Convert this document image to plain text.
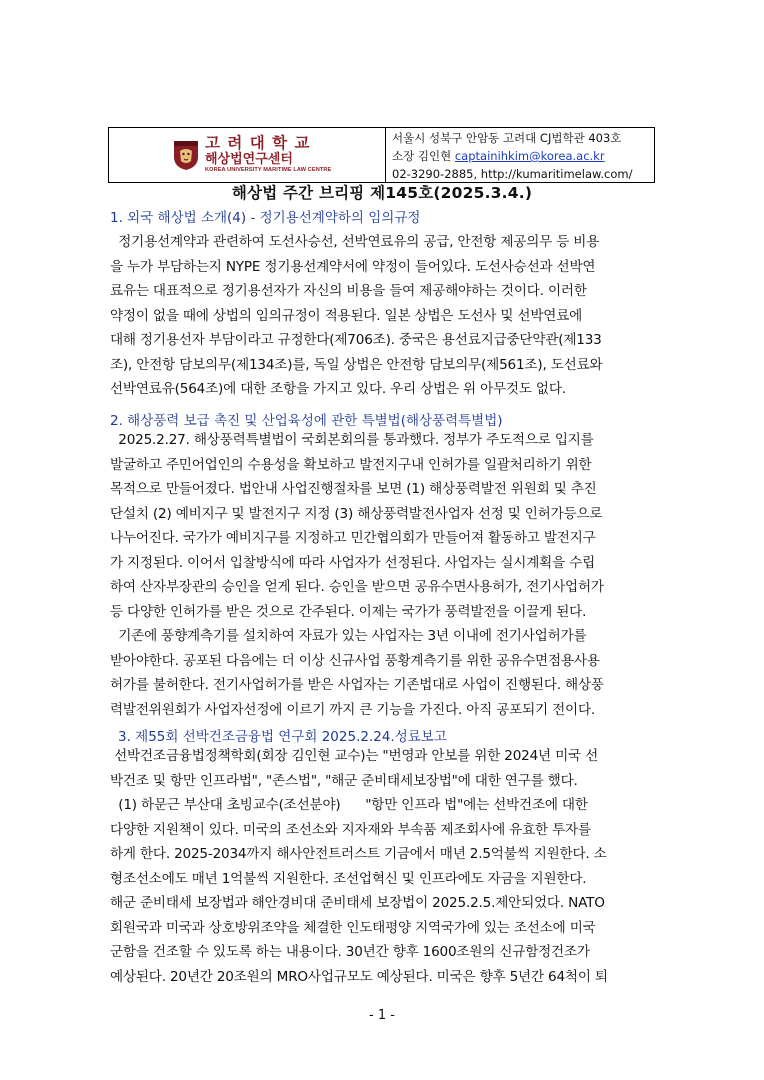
고 려 대 학 교
해상법연구센터
KOREA UNIVERSITY MARITIME LAW CENTRE
서울시 성북구 안암동 고려대 CJ법학관 403호
소장 김인현 captainihkim@korea.ac.kr
02-3290-2885, http://kumaritimelaw.com/
해상법 주간 브리핑 제145호(2025.3.4.)
1. 외국 해상법 소개(4) - 정기용선계약하의 임의규정
정기용선계약과 관련하여 도선사승선, 선박연료유의 공급, 안전항 제공의무 등 비용
을 누가 부담하는지 NYPE 정기용선계약서에 약정이 들어있다. 도선사승선과 선박연
료유는 대표적으로 정기용선자가 자신의 비용을 들여 제공해야하는 것이다. 이러한
약정이 없을 때에 상법의 임의규정이 적용된다. 일본 상법은 도선사 및 선박연료에
대해 정기용선자 부담이라고 규정한다(제706조). 중국은 용선료지급중단약관(제133
조), 안전항 담보의무(제134조)를, 독일 상법은 안전항 담보의무(제561조), 도선료와
선박연료유(564조)에 대한 조항을 가지고 있다. 우리 상법은 위 아무것도 없다.
2. 해상풍력 보급 촉진 및 산업육성에 관한 특별법(해상풍력특별법)
2025.2.27. 해상풍력특별법이 국회본회의를 통과했다. 정부가 주도적으로 입지를
발굴하고 주민어업인의 수용성을 확보하고 발전지구내 인허가를 일괄처리하기 위한
목적으로 만들어졌다. 법안내 사업진행절차를 보면 (1) 해상풍력발전 위원회 및 추진
단설치 (2) 예비지구 및 발전지구 지정 (3) 해상풍력발전사업자 선정 및 인허가등으로
나누어진다. 국가가 예비지구를 지정하고 민간협의회가 만들어져 활동하고 발전지구
가 지정된다. 이어서 입찰방식에 따라 사업자가 선정된다. 사업자는 실시계획을 수립
하여 산자부장관의 승인을 얻게 된다. 승인을 받으면 공유수면사용허가, 전기사업허가
등 다양한 인허가를 받은 것으로 간주된다. 이제는 국가가 풍력발전을 이끌게 된다.
기존에 풍향계측기를 설치하여 자료가 있는 사업자는 3년 이내에 전기사업허가를
받아야한다. 공포된 다음에는 더 이상 신규사업 풍황계측기를 위한 공유수면점용사용
허가를 불허한다. 전기사업허가를 받은 사업자는 기존법대로 사업이 진행된다. 해상풍
력발전위원회가 사업자선정에 이르기 까지 큰 기능을 가진다. 아직 공포되기 전이다.
3. 제55회 선박건조금융법 연구회 2025.2.24.성료보고
선박건조금융법정책학회(회장 김인현 교수)는 "번영과 안보를 위한 2024년 미국 선
박건조 및 항만 인프라법", "존스법", "해군 준비태세보장법"에 대한 연구를 했다.
(1) 하문근 부산대 초빙교수(조선분야)      "항만 인프라 법"에는 선박건조에 대한
다양한 지원책이 있다. 미국의 조선소와 지자재와 부속품 제조회사에 유효한 투자를
하게 한다. 2025-2034까지 해사안전트러스트 기금에서 매년 2.5억불씩 지원한다. 소
형조선소에도 매년 1억불씩 지원한다. 조선업혁신 및 인프라에도 자금을 지원한다.
해군 준비태세 보장법과 해안경비대 준비태세 보장법이 2025.2.5.제안되었다. NATO
회원국과 미국과 상호방위조약을 체결한 인도태평양 지역국가에 있는 조선소에 미국
군함을 건조할 수 있도록 하는 내용이다. 30년간 향후 1600조원의 신규함정건조가
예상된다. 20년간 20조원의 MRO사업규모도 예상된다. 미국은 향후 5년간 64척이 퇴
- 1 -
